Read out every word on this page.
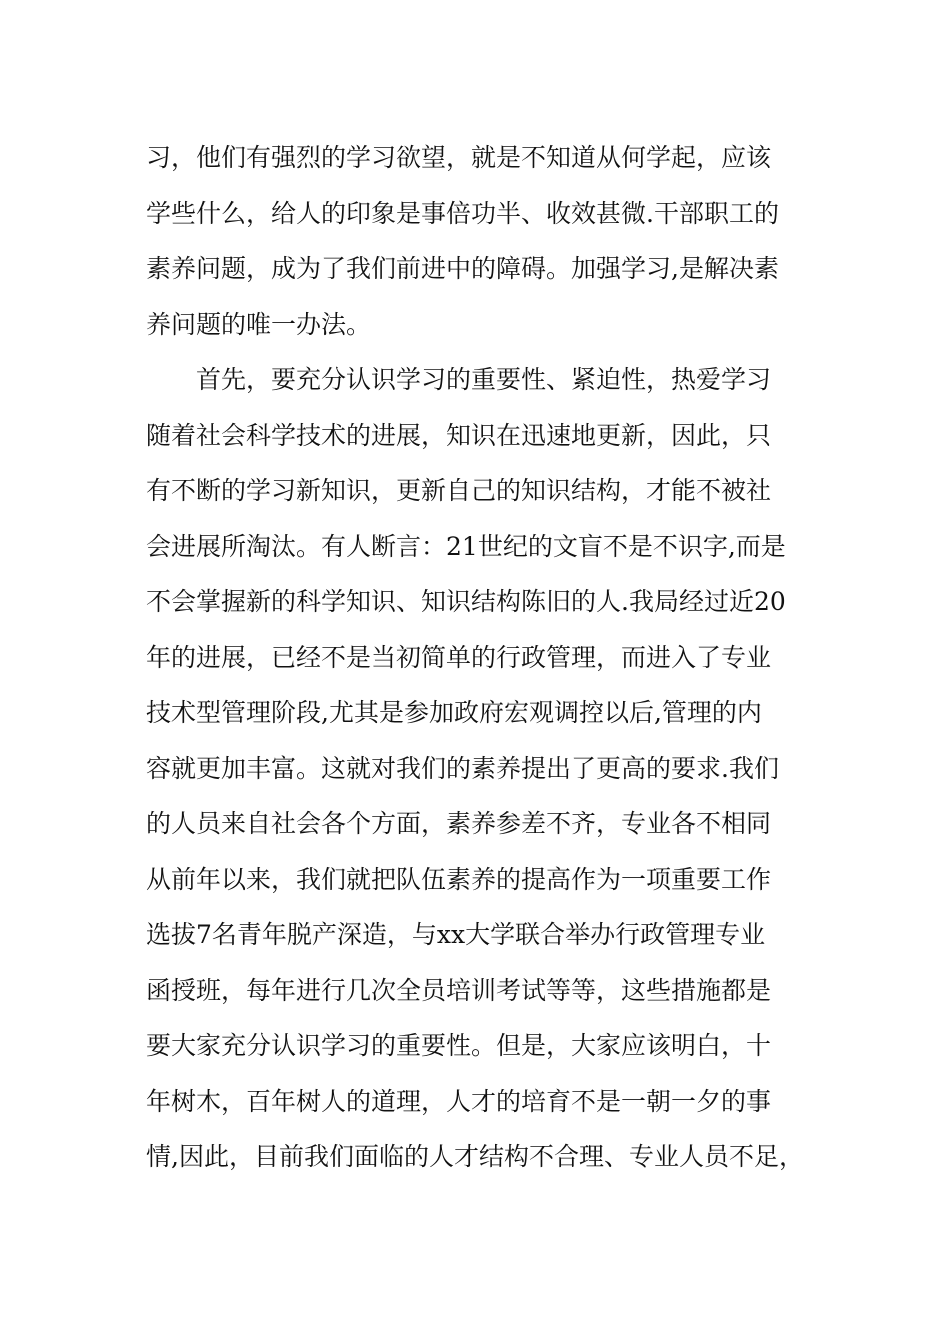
习，他们有强烈的学习欲望，就是不知道从何学起，应该
学些什么，给人的印象是事倍功半、收效甚微.干部职工的
素养问题，成为了我们前进中的障碍。加强学习,是解决素
养问题的唯一办法。
　　首先，要充分认识学习的重要性、紧迫性，热爱学习
随着社会科学技术的进展，知识在迅速地更新，因此，只
有不断的学习新知识，更新自己的知识结构，才能不被社
会进展所淘汰。有人断言：21世纪的文盲不是不识字,而是
不会掌握新的科学知识、知识结构陈旧的人.我局经过近20
年的进展，已经不是当初简单的行政管理，而进入了专业
技术型管理阶段,尤其是参加政府宏观调控以后,管理的内
容就更加丰富。这就对我们的素养提出了更高的要求.我们
的人员来自社会各个方面，素养参差不齐，专业各不相同
从前年以来，我们就把队伍素养的提高作为一项重要工作
选拔7名青年脱产深造，与xx大学联合举办行政管理专业
函授班，每年进行几次全员培训考试等等，这些措施都是
要大家充分认识学习的重要性。但是，大家应该明白，十
年树木，百年树人的道理，人才的培育不是一朝一夕的事
情,因此，目前我们面临的人才结构不合理、专业人员不足，
